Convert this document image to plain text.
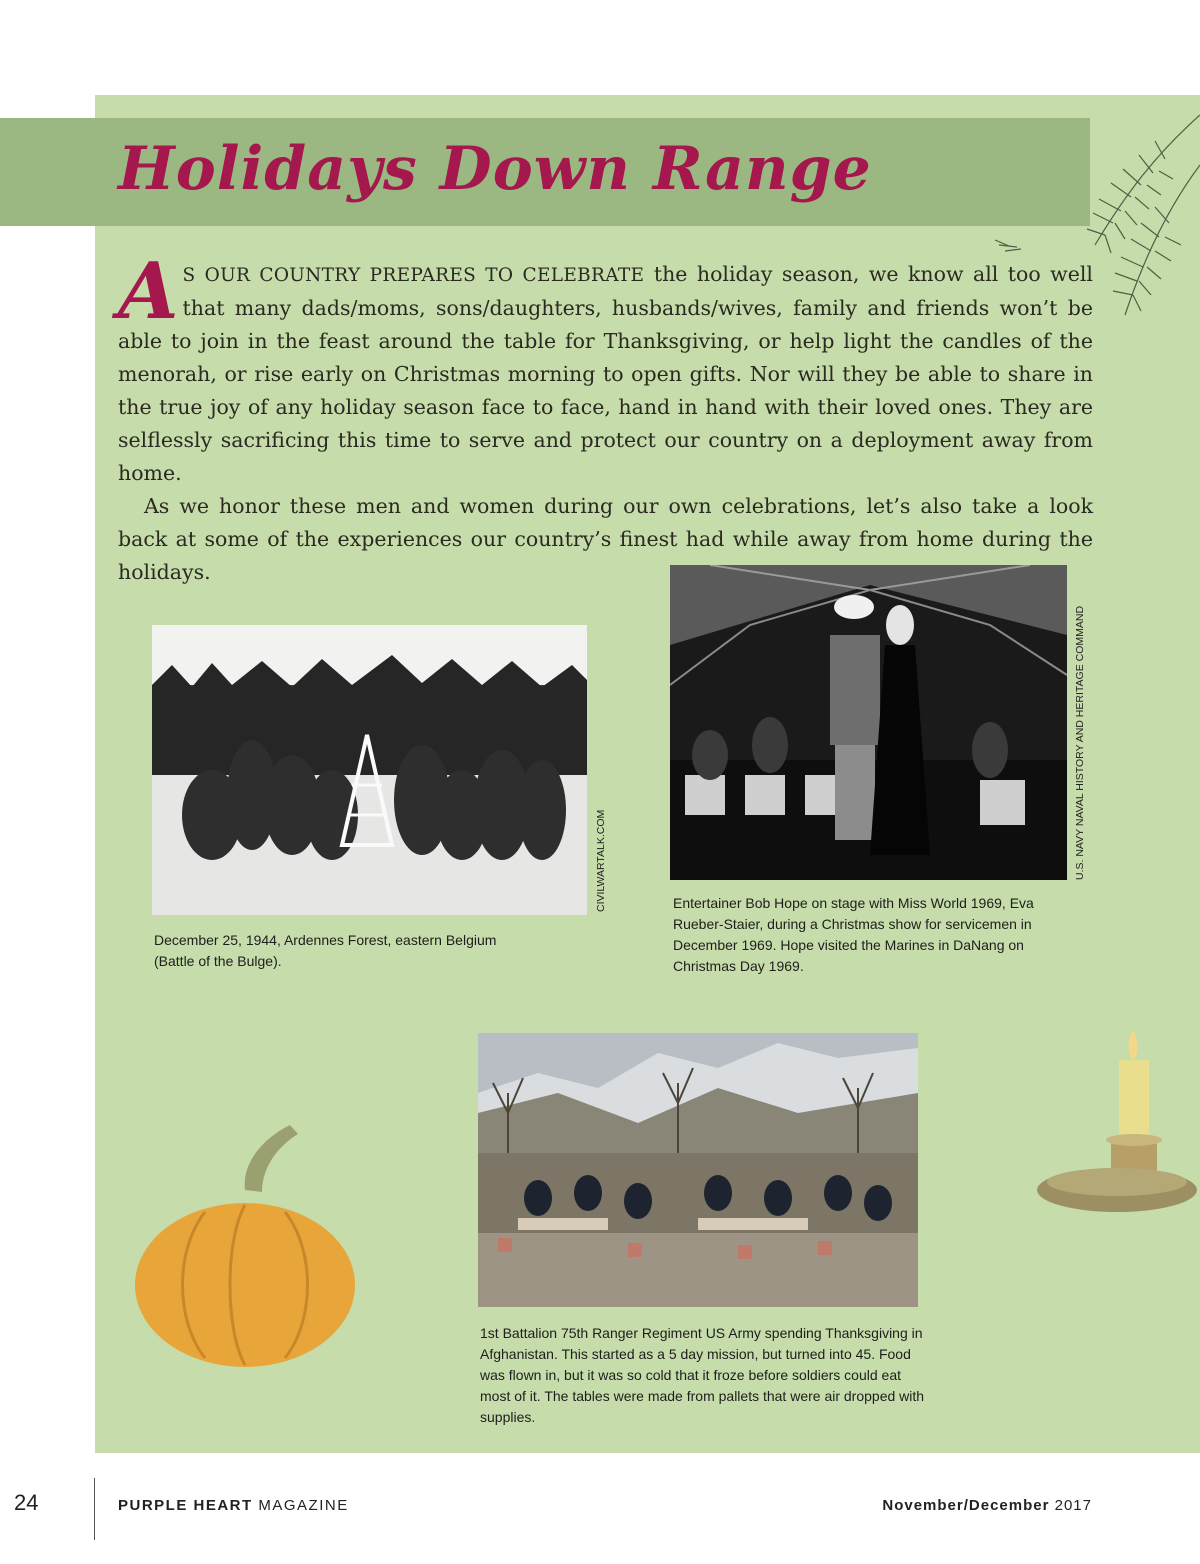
Holidays Down Range

A S OUR COUNTRY PREPARES TO CELEBRATE the holiday season, we know all too well that many dads/moms, sons/daughters, husbands/wives, family and friends won’t be able to join in the feast around the table for Thanksgiving, or help light the candles of the menorah, or rise early on Christmas morning to open gifts. Nor will they be able to share in the true joy of any holiday season face to face, hand in hand with their loved ones. They are selflessly sacrificing this time to serve and protect our country on a deployment away from home.

As we honor these men and women during our own celebrations, let’s also take a look back at some of the experiences our country’s finest had while away from home during the holidays.

CIVILWARTALK.COM

December 25, 1944, Ardennes Forest, eastern Belgium (Battle of the Bulge).

U.S. NAVY NAVAL HISTORY AND HERITAGE COMMAND

Entertainer Bob Hope on stage with Miss World 1969, Eva Rueber-Staier, during a Christmas show for servicemen in December 1969. Hope visited the Marines in DaNang on Christmas Day 1969.

1st Battalion 75th Ranger Regiment US Army spending Thanksgiving in Afghanistan. This started as a 5 day mission, but turned into 45. Food was flown in, but it was so cold that it froze before soldiers could eat most of it. The tables were made from pallets that were air dropped with supplies.

24	PURPLE HEART MAGAZINE	November/December 2017
